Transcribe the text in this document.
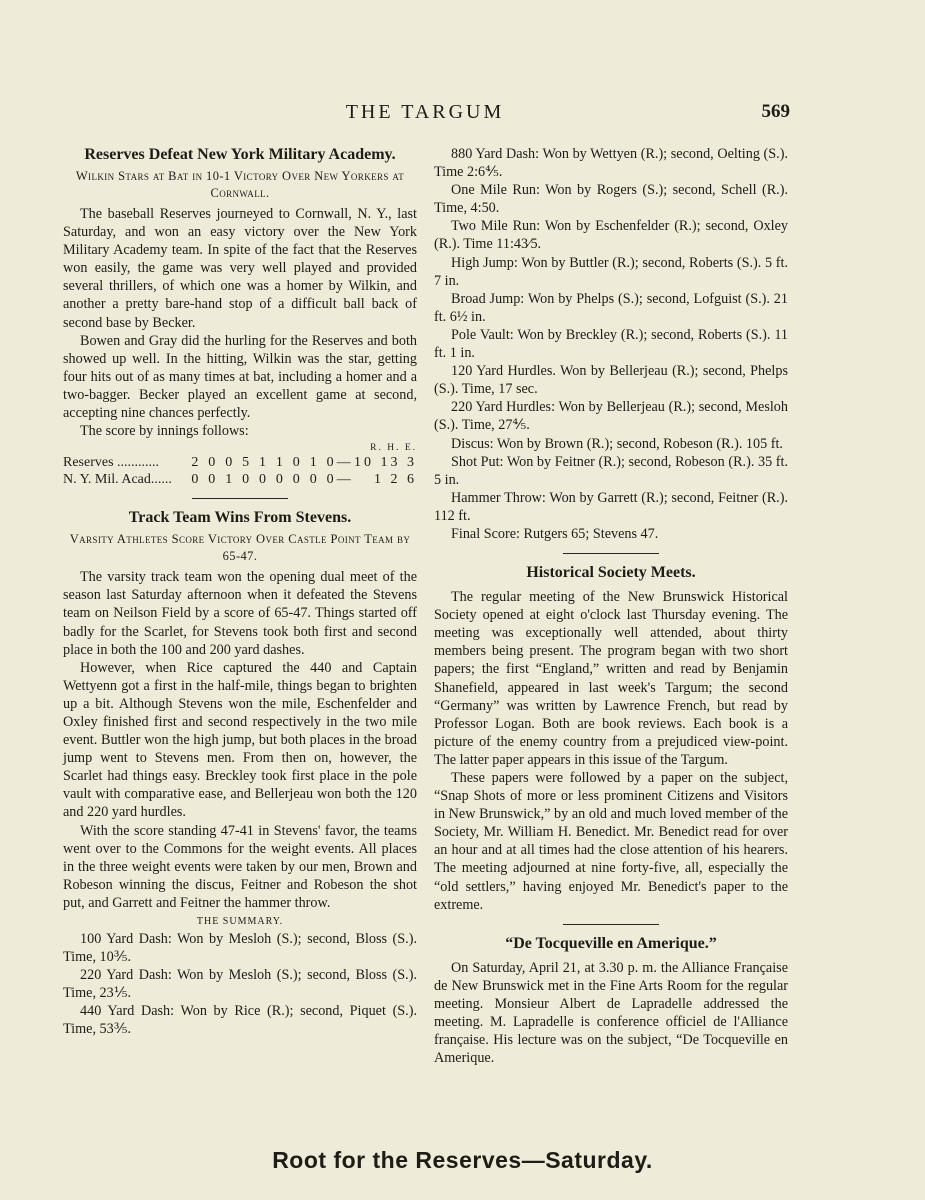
THE TARGUM	569
Reserves Defeat New York Military Academy.
Wilkin Stars at Bat in 10-1 Victory Over New Yorkers at Cornwall.

The baseball Reserves journeyed to Cornwall, N. Y., last Saturday, and won an easy victory over the New York Military Academy team. In spite of the fact that the Reserves won easily, the game was very well played and provided several thrillers, of which one was a homer by Wilkin, and another a pretty bare-hand stop of a difficult ball back of second base by Becker.

Bowen and Gray did the hurling for the Reserves and both showed up well. In the hitting, Wilkin was the star, getting four hits out of as many times at bat, including a homer and a two-bagger. Becker played an excellent game at second, accepting nine chances perfectly.

The score by innings follows:

R. H. E.		
Reserves ............	2 0 0 5 1 1 0 1 0—	10 13 3
N. Y. Mil. Acad......	0 0 1 0 0 0 0 0 0—	1 2 6
Track Team Wins From Stevens.
Varsity Athletes Score Victory Over Castle Point Team by 65-47.

The varsity track team won the opening dual meet of the season last Saturday afternoon when it defeated the Stevens team on Neilson Field by a score of 65-47. Things started off badly for the Scarlet, for Stevens took both first and second place in both the 100 and 200 yard dashes.

However, when Rice captured the 440 and Captain Wettyenn got a first in the half-mile, things began to brighten up a bit. Although Stevens won the mile, Eschenfelder and Oxley finished first and second respectively in the two mile event. Buttler won the high jump, but both places in the broad jump went to Stevens men. From then on, however, the Scarlet had things easy. Breckley took first place in the pole vault with comparative ease, and Bellerjeau won both the 120 and 220 yard hurdles.

With the score standing 47-41 in Stevens' favor, the teams went over to the Commons for the weight events. All places in the three weight events were taken by our men, Brown and Robeson winning the discus, Feitner and Robeson the shot put, and Garrett and Feitner the hammer throw.

THE SUMMARY.

100 Yard Dash: Won by Mesloh (S.); second, Bloss (S.). Time, 10⅗.

220 Yard Dash: Won by Mesloh (S.); second, Bloss (S.). Time, 23⅕.

440 Yard Dash: Won by Rice (R.); second, Piquet (S.). Time, 53⅗.

880 Yard Dash: Won by Wettyen (R.); second, Oelting (S.). Time 2:6⅘.

One Mile Run: Won by Rogers (S.); second, Schell (R.). Time, 4:50.

Two Mile Run: Won by Eschenfelder (R.); second, Oxley (R.). Time 11:43⁄5.

High Jump: Won by Buttler (R.); second, Roberts (S.). 5 ft. 7 in.

Broad Jump: Won by Phelps (S.); second, Lofguist (S.). 21 ft. 6½ in.

Pole Vault: Won by Breckley (R.); second, Roberts (S.). 11 ft. 1 in.

120 Yard Hurdles. Won by Bellerjeau (R.); second, Phelps (S.). Time, 17 sec.

220 Yard Hurdles: Won by Bellerjeau (R.); second, Mesloh (S.). Time, 27⅘.

Discus: Won by Brown (R.); second, Robeson (R.). 105 ft.

Shot Put: Won by Feitner (R.); second, Robeson (R.). 35 ft. 5 in.

Hammer Throw: Won by Garrett (R.); second, Feitner (R.). 112 ft.

Final Score: Rutgers 65; Stevens 47.

Historical Society Meets.

The regular meeting of the New Brunswick Historical Society opened at eight o'clock last Thursday evening. The meeting was exceptionally well attended, about thirty members being present. The program began with two short papers; the first “England,” written and read by Benjamin Shanefield, appeared in last week's Targum; the second “Germany” was written by Lawrence French, but read by Professor Logan. Both are book reviews. Each book is a picture of the enemy country from a prejudiced view-point. The latter paper appears in this issue of the Targum.

These papers were followed by a paper on the subject, “Snap Shots of more or less prominent Citizens and Visitors in New Brunswick,” by an old and much loved member of the Society, Mr. William H. Benedict. Mr. Benedict read for over an hour and at all times had the close attention of his hearers. The meeting adjourned at nine forty-five, all, especially the “old settlers,” having enjoyed Mr. Benedict's paper to the extreme.

“De Tocqueville en Amerique.”

On Saturday, April 21, at 3.30 p. m. the Alliance Française de New Brunswick met in the Fine Arts Room for the regular meeting. Monsieur Albert de Lapradelle addressed the meeting. M. Lapradelle is conference officiel de l'Alliance française. His lecture was on the subject, “De Tocqueville en Amerique.

Root for the Reserves—Saturday.
